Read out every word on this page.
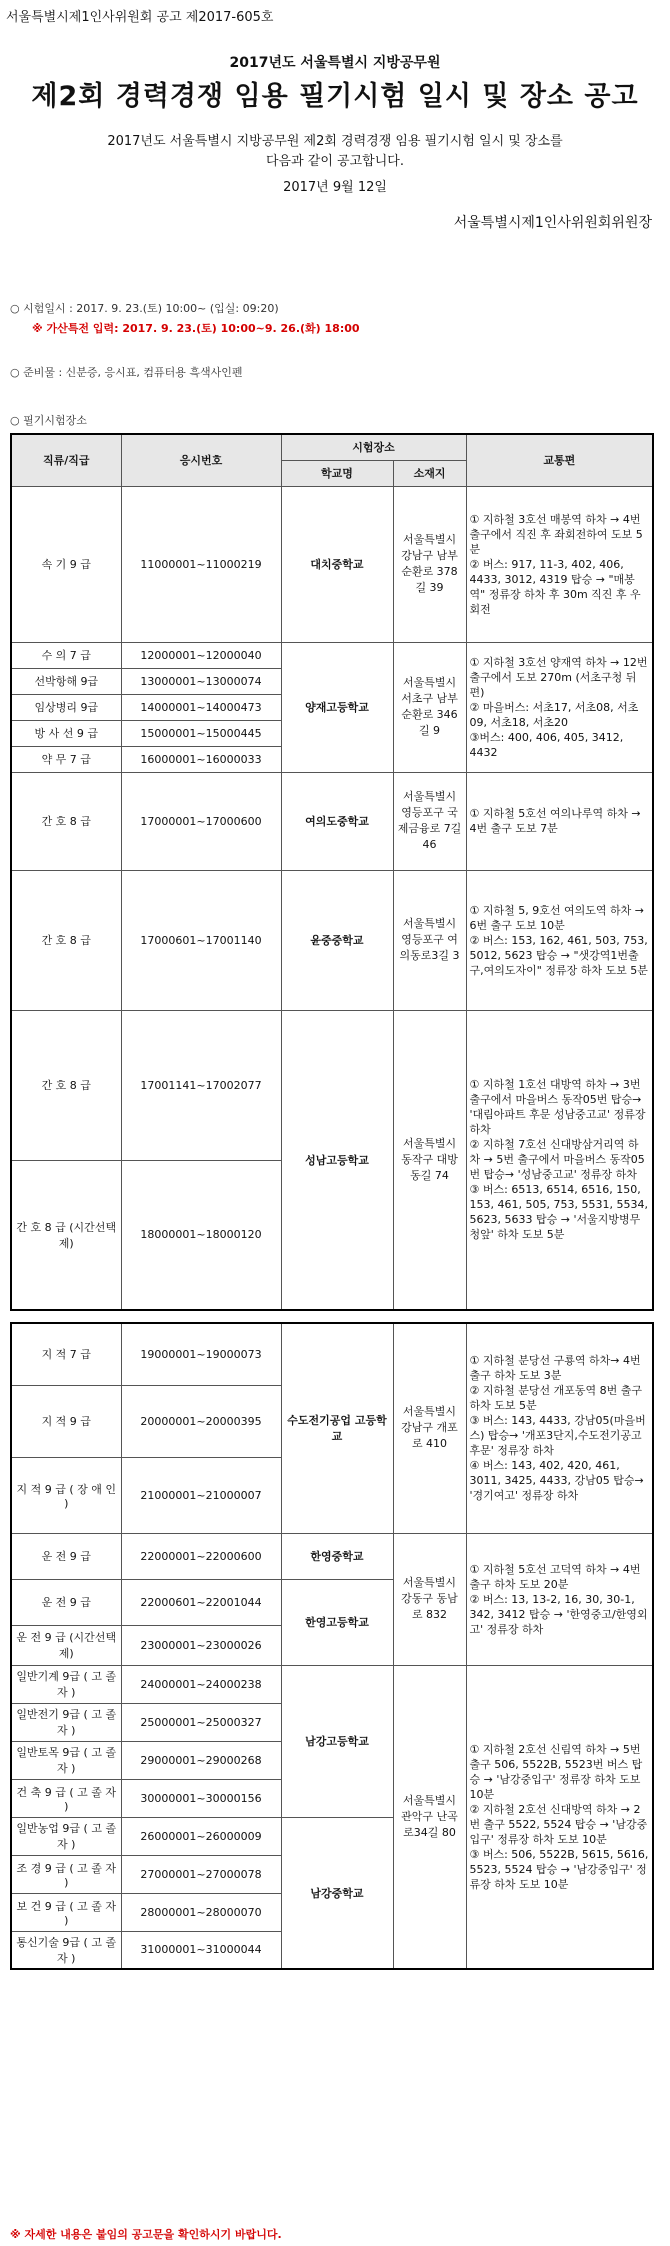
서울특별시제1인사위원회 공고 제2017-605호
2017년도 서울특별시 지방공무원
제2회 경력경쟁 임용 필기시험 일시 및 장소 공고
2017년도 서울특별시 지방공무원 제2회 경력경쟁 임용 필기시험 일시 및 장소를
다음과 같이 공고합니다.
2017년 9월 12일
서울특별시제1인사위원회위원장
○ 시험일시 : 2017. 9. 23.(토) 10:00~ (입실: 09:20)
※ 가산특전 입력: 2017. 9. 23.(토) 10:00~9. 26.(화) 18:00
○ 준비물 : 신분증, 응시표, 컴퓨터용 흑색사인펜
○ 필기시험장소
직류/직급	응시번호	시험장소		교통편
		학교명	소재지	
속 기 9 급	11000001~11000219	대치중학교	서울특별시 강남구 남부순환로 378길 39	① 지하철 3호선 매봉역 하차 → 4번 출구에서 직진 후 좌회전하여 도보 5분
② 버스: 917, 11-3, 402, 406, 4433, 3012, 4319 탑승 → "매봉역" 정류장 하차 후 30m 직진 후 우회전
수 의 7 급	12000001~12000040	양재고등학교	서울특별시 서초구 남부순환로 346길 9	① 지하철 3호선 양재역 하차 → 12번 출구에서 도보 270m (서초구청 뒤편)
② 마을버스: 서초17, 서초08, 서초09, 서초18, 서초20
③버스: 400, 406, 405, 3412, 4432
선박항해 9급	13000001~13000074			
임상병리 9급	14000001~14000473			
방 사 선 9 급	15000001~15000445			
약 무 7 급	16000001~16000033			
간 호 8 급	17000001~17000600	여의도중학교	서울특별시 영등포구 국제금융로 7길 46	① 지하철 5호선 여의나루역 하차 → 4번 출구 도보 7분
간 호 8 급	17000601~17001140	윤중중학교	서울특별시 영등포구 여의동로3길 3	① 지하철 5, 9호선 여의도역 하차 → 6번 출구 도보 10분
② 버스: 153, 162, 461, 503, 753, 5012, 5623 탑승 → "샛강역1번출구,여의도자이" 정류장 하차 도보 5분
간 호 8 급	17001141~17002077	성남고등학교	서울특별시 동작구 대방동길 74	① 지하철 1호선 대방역 하차 → 3번 출구에서 마을버스 동작05번 탑승→ '대림아파트 후문 성남중고교' 정류장 하차
② 지하철 7호선 신대방삼거리역 하차 → 5번 출구에서 마을버스 동작05번 탑승→ '성남중고교' 정류장 하차
③ 버스: 6513, 6514, 6516, 150, 153, 461, 505, 753, 5531, 5534, 5623, 5633 탑승 → '서울지방병무청앞' 하차 도보 5분
간 호 8 급 (시간선택제)	18000001~18000120			
지 적 7 급	19000001~19000073	수도전기공업 고등학교	서울특별시 강남구 개포로 410	① 지하철 분당선 구룡역 하차→ 4번 출구 하차 도보 3분
② 지하철 분당선 개포동역 8번 출구 하차 도보 5분
③ 버스: 143, 4433, 강남05(마을버스) 탑승→ '개포3단지,수도전기공고후문' 정류장 하차
④ 버스: 143, 402, 420, 461, 3011, 3425, 4433, 강남05 탑승→ '경기여고' 정류장 하차
지 적 9 급	20000001~20000395			
지 적 9 급 ( 장 애 인 )	21000001~21000007			
운 전 9 급	22000001~22000600	한영중학교	서울특별시 강동구 동남로 832	① 지하철 5호선 고덕역 하차 → 4번 출구 하차 도보 20분
② 버스: 13, 13-2, 16, 30, 30-1, 342, 3412 탑승 → '한영중고/한영외고' 정류장 하차
운 전 9 급	22000601~22001044	한영고등학교		
운 전 9 급 (시간선택제)	23000001~23000026			
일반기계 9급 ( 고 졸 자 )	24000001~24000238	남강고등학교	서울특별시 관악구 난곡로34길 80	① 지하철 2호선 신림역 하차 → 5번 출구 506, 5522B, 5523번 버스 탑승 → '남강중입구' 정류장 하차 도보 10분
② 지하철 2호선 신대방역 하차 → 2번 출구 5522, 5524 탑승 → '남강중입구' 정류장 하차 도보 10분
③ 버스: 506, 5522B, 5615, 5616, 5523, 5524 탑승 → '남강중입구' 정류장 하차 도보 10분
일반전기 9급 ( 고 졸 자 )	25000001~25000327			
일반토목 9급 ( 고 졸 자 )	29000001~29000268			
건 축 9 급 ( 고 졸 자 )	30000001~30000156			
일반농업 9급 ( 고 졸 자 )	26000001~26000009	남강중학교		
조 경 9 급 ( 고 졸 자 )	27000001~27000078			
보 건 9 급 ( 고 졸 자 )	28000001~28000070			
통신기술 9급 ( 고 졸 자 )	31000001~31000044			
※ 자세한 내용은 붙임의 공고문을 확인하시기 바랍니다.
